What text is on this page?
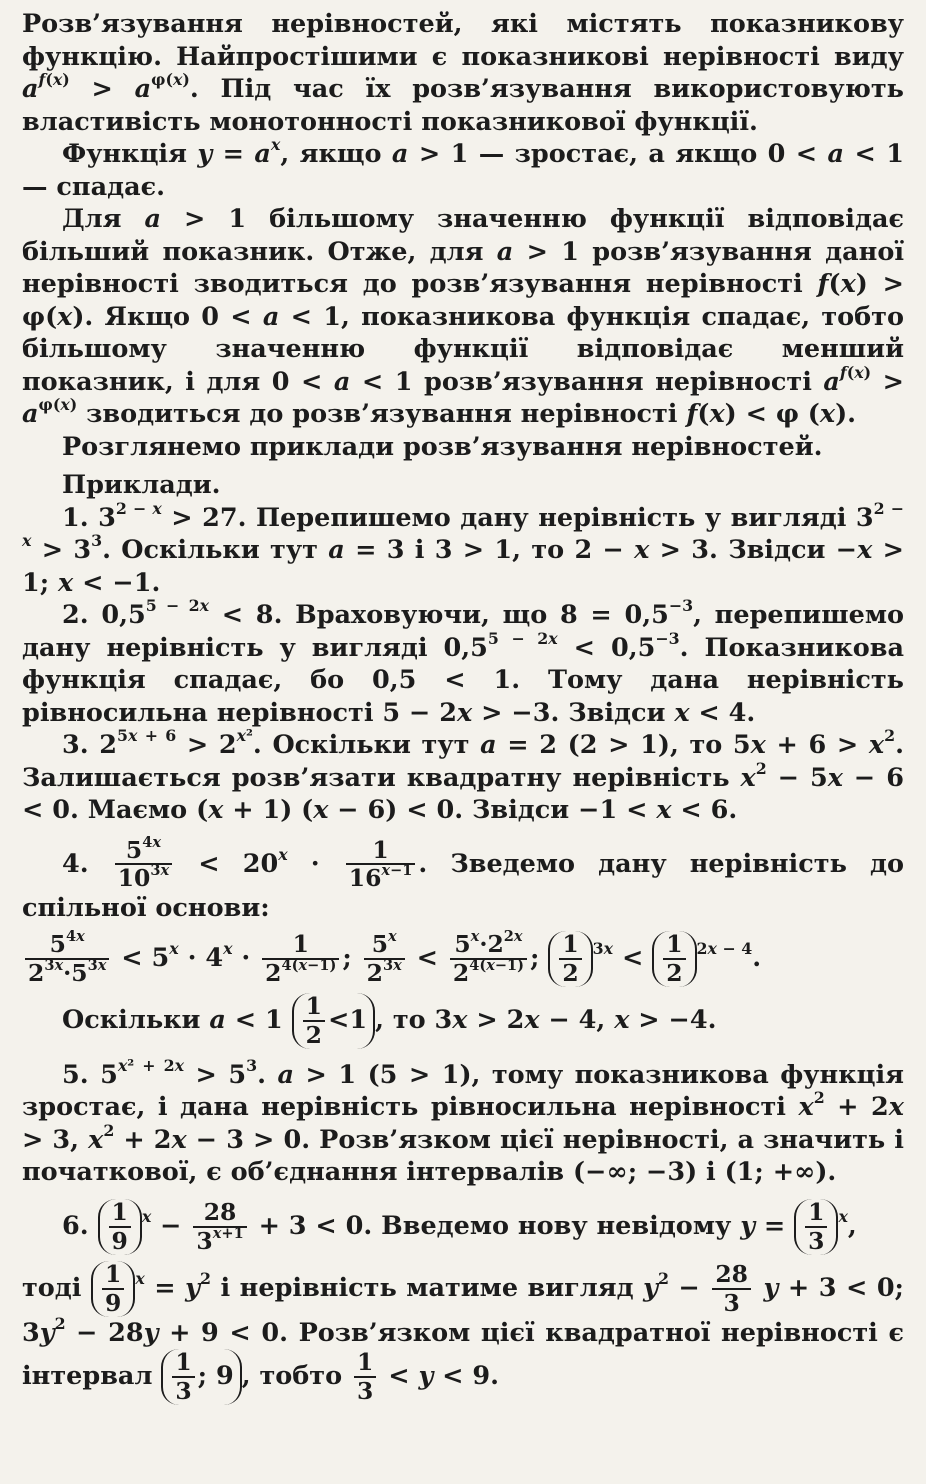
Розв’язування нерівностей, які містять показникову функцію. Найпростішими є показникові нерівності виду $a^{f(x)} > a^{\varphi(x)}$. Під час їх розв’язування використовують властивість монотонності показникової функції.

Функція $y = a^x$, якщо a > 1 — зростає, а якщо 0 < a < 1 — спадає.

Для a > 1 більшому значенню функції відповідає більший показник. Отже, для a > 1 розв’язування даної нерівності зводиться до розв’язування нерівності f(x) > φ(x). Якщо 0 < a < 1, показникова функція спадає, тобто більшому значенню функції відповідає менший показник, і для 0 < a < 1 розв’язування нерівності $a^{f(x)} > a^{\varphi(x)}$ зводиться до розв’язування нерівності f(x) < φ (x).

Розглянемо приклади розв’язування нерівностей.

Приклади.

1. $3^{2 - x} > 27$. Перепишемо дану нерівність у вигляді $3^{2 - x} > 3^3$. Оскільки тут a = 3 і 3 > 1, то 2 − x > 3. Звідси −x > 1; x < −1.

2. $0,5^{5 - 2x} < 8$. Враховуючи, що $8 = 0,5^{-3}$, перепишемо дану нерівність у вигляді $0,5^{5 - 2x} < 0,5^{-3}$. Показникова функція спадає, бо 0,5 < 1. Тому дана нерівність рівносильна нерівності 5 − 2x > −3. Звідси x < 4.

3. $2^{5x + 6} > 2^{x^2}$. Оскільки тут a = 2 (2 > 1), то $5x + 6 > x^2$. Залишається розв’язати квадратну нерівність $x^2 - 5x - 6 < 0$. Маємо (x + 1) (x − 6) < 0. Звідси −1 < x < 6.

4. $\frac{5^{4x}}{10^{3x}} < 20^x \cdot \frac{1}{16^{x-1}}$ . Зведемо дану нерівність до спільної основи:

$\frac{5^{4x}}{2^{3x}\cdot 5^{3x}} < 5^x \cdot 4^x \cdot \frac{1}{2^{4(x-1)}}$ ; $\frac{5^x}{2^{3x}} < \frac{5^x\cdot 2^{2x}}{2^{4(x-1)}}$ ; $\frac{1}{2} ^{3x} < \frac{1}{2} ^{2x - 4}$.

Оскільки $a < 1 \frac{1}{2} <1$ , то 3x > 2x − 4, x > −4.

5. $5^{x^2 + 2x} > 5^3$. a > 1 (5 > 1), тому показникова функція зростає, і дана нерівність рівносильна нерівності $x^2 + 2x > 3$, $x^2 + 2x - 3 > 0$. Розв’язком цієї нерівності, а значить і початкової, є об’єднання інтервалів (−∞; −3) і (1; +∞).

6. $\frac{1}{9} ^x - \frac{28}{3^{x+1}} + 3 < 0$. Введемо нову невідому $y = \frac{1}{3} ^x$,

тоді $\frac{1}{9} ^x = y^2$ і нерівність матиме вигляд $y^2 - \frac{28}{3}$ y + 3 < 0; $3y^2 - 28y + 9 < 0$. Розв’язком цієї квадратної нерівності є інтервал $\frac{1}{3}$ ; 9 , тобто $\frac{1}{3} < y < 9$.
